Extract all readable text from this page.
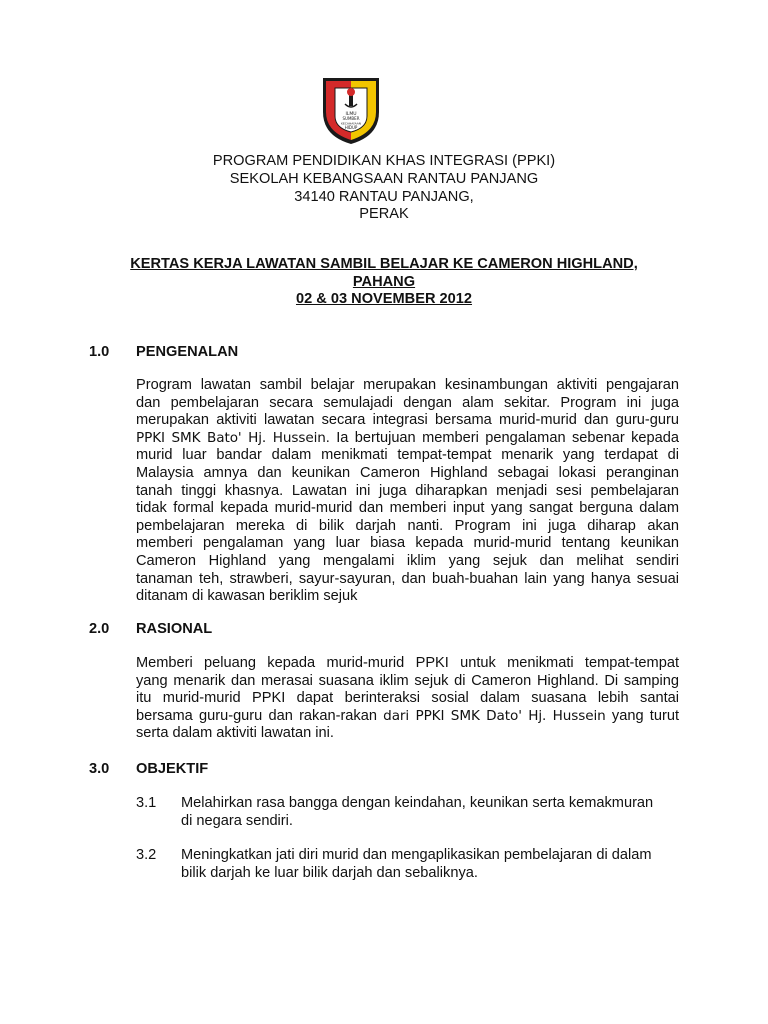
ILMU
SUMBER
KECAHAYAAN
HIDUP
PROGRAM PENDIDIKAN KHAS INTEGRASI (PPKI)
SEKOLAH KEBANGSAAN RANTAU PANJANG
34140 RANTAU PANJANG,
PERAK
KERTAS KERJA LAWATAN SAMBIL BELAJAR KE CAMERON HIGHLAND,
PAHANG
02 & 03 NOVEMBER 2012
1.0 PENGENALAN
Program lawatan sambil belajar merupakan kesinambungan aktiviti pengajaran
dan pembelajaran secara semulajadi dengan alam sekitar. Program ini juga
merupakan aktiviti lawatan secara integrasi bersama murid-murid dan guru-guru
PPKI SMK Bato' Hj. Hussein. Ia bertujuan memberi pengalaman sebenar kepada
murid luar bandar dalam menikmati tempat-tempat menarik yang terdapat di
Malaysia amnya dan keunikan Cameron Highland sebagai lokasi peranginan
tanah tinggi khasnya. Lawatan ini juga diharapkan menjadi sesi pembelajaran
tidak formal kepada murid-murid dan memberi input yang sangat berguna dalam
pembelajaran mereka di bilik darjah nanti. Program ini juga diharap akan
memberi pengalaman yang luar biasa kepada murid-murid tentang keunikan
Cameron Highland yang mengalami iklim yang sejuk dan melihat sendiri
tanaman teh, strawberi, sayur-sayuran, dan buah-buahan lain yang hanya sesuai
ditanam di kawasan beriklim sejuk
2.0 RASIONAL
Memberi peluang kepada murid-murid PPKI untuk menikmati tempat-tempat
yang menarik dan merasai suasana iklim sejuk di Cameron Highland. Di samping
itu murid-murid PPKI dapat berinteraksi sosial dalam suasana lebih santai
bersama guru-guru dan rakan-rakan dari PPKI SMK Dato' Hj. Hussein yang turut
serta dalam aktiviti lawatan ini.
3.0 OBJEKTIF
3.1 Melahirkan rasa bangga dengan keindahan, keunikan serta kemakmuran
di negara sendiri.
3.2 Meningkatkan jati diri murid dan mengaplikasikan pembelajaran di dalam
bilik darjah ke luar bilik darjah dan sebaliknya.
